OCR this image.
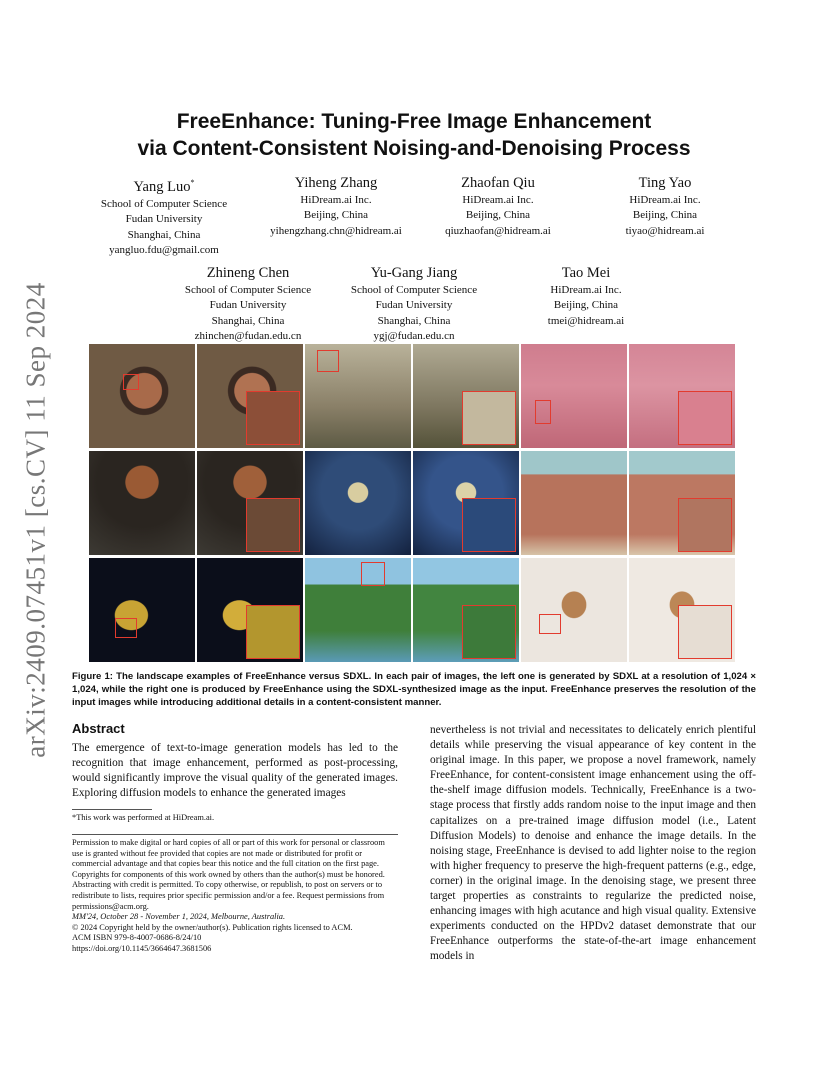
arXiv:2409.07451v1 [cs.CV] 11 Sep 2024
FreeEnhance: Tuning-Free Image Enhancement
via Content-Consistent Noising-and-Denoising Process
Yang Luo*
School of Computer Science
Fudan University
Shanghai, China
yangluo.fdu@gmail.com
Yiheng Zhang
HiDream.ai Inc.
Beijing, China
yihengzhang.chn@hidream.ai
Zhaofan Qiu
HiDream.ai Inc.
Beijing, China
qiuzhaofan@hidream.ai
Ting Yao
HiDream.ai Inc.
Beijing, China
tiyao@hidream.ai
Zhineng Chen
School of Computer Science
Fudan University
Shanghai, China
zhinchen@fudan.edu.cn
Yu-Gang Jiang
School of Computer Science
Fudan University
Shanghai, China
ygj@fudan.edu.cn
Tao Mei
HiDream.ai Inc.
Beijing, China
tmei@hidream.ai
Figure 1: The landscape examples of FreeEnhance versus SDXL. In each pair of images, the left one is generated by SDXL at a resolution of 1,024 × 1,024, while the right one is produced by FreeEnhance using the SDXL-synthesized image as the input. FreeEnhance preserves the resolution of the input images while introducing additional details in a content-consistent manner.
Abstract
The emergence of text-to-image generation models has led to the recognition that image enhancement, performed as post-processing, would significantly improve the visual quality of the generated images. Exploring diffusion models to enhance the generated images
*This work was performed at HiDream.ai.

Permission to make digital or hard copies of all or part of this work for personal or classroom use is granted without fee provided that copies are not made or distributed for profit or commercial advantage and that copies bear this notice and the full citation on the first page. Copyrights for components of this work owned by others than the author(s) must be honored. Abstracting with credit is permitted. To copy otherwise, or republish, to post on servers or to redistribute to lists, requires prior specific permission and/or a fee. Request permissions from permissions@acm.org.

MM'24, October 28 - November 1, 2024, Melbourne, Australia.

© 2024 Copyright held by the owner/author(s). Publication rights licensed to ACM.

ACM ISBN 979-8-4007-0686-8/24/10

https://doi.org/10.1145/3664647.3681506

nevertheless is not trivial and necessitates to delicately enrich plentiful details while preserving the visual appearance of key content in the original image. In this paper, we propose a novel framework, namely FreeEnhance, for content-consistent image enhancement using the off-the-shelf image diffusion models. Technically, FreeEnhance is a two-stage process that firstly adds random noise to the input image and then capitalizes on a pre-trained image diffusion model (i.e., Latent Diffusion Models) to denoise and enhance the image details. In the noising stage, FreeEnhance is devised to add lighter noise to the region with higher frequency to preserve the high-frequent patterns (e.g., edge, corner) in the original image. In the denoising stage, we present three target properties as constraints to regularize the predicted noise, enhancing images with high acutance and high visual quality. Extensive experiments conducted on the HPDv2 dataset demonstrate that our FreeEnhance outperforms the state-of-the-art image enhancement models in
